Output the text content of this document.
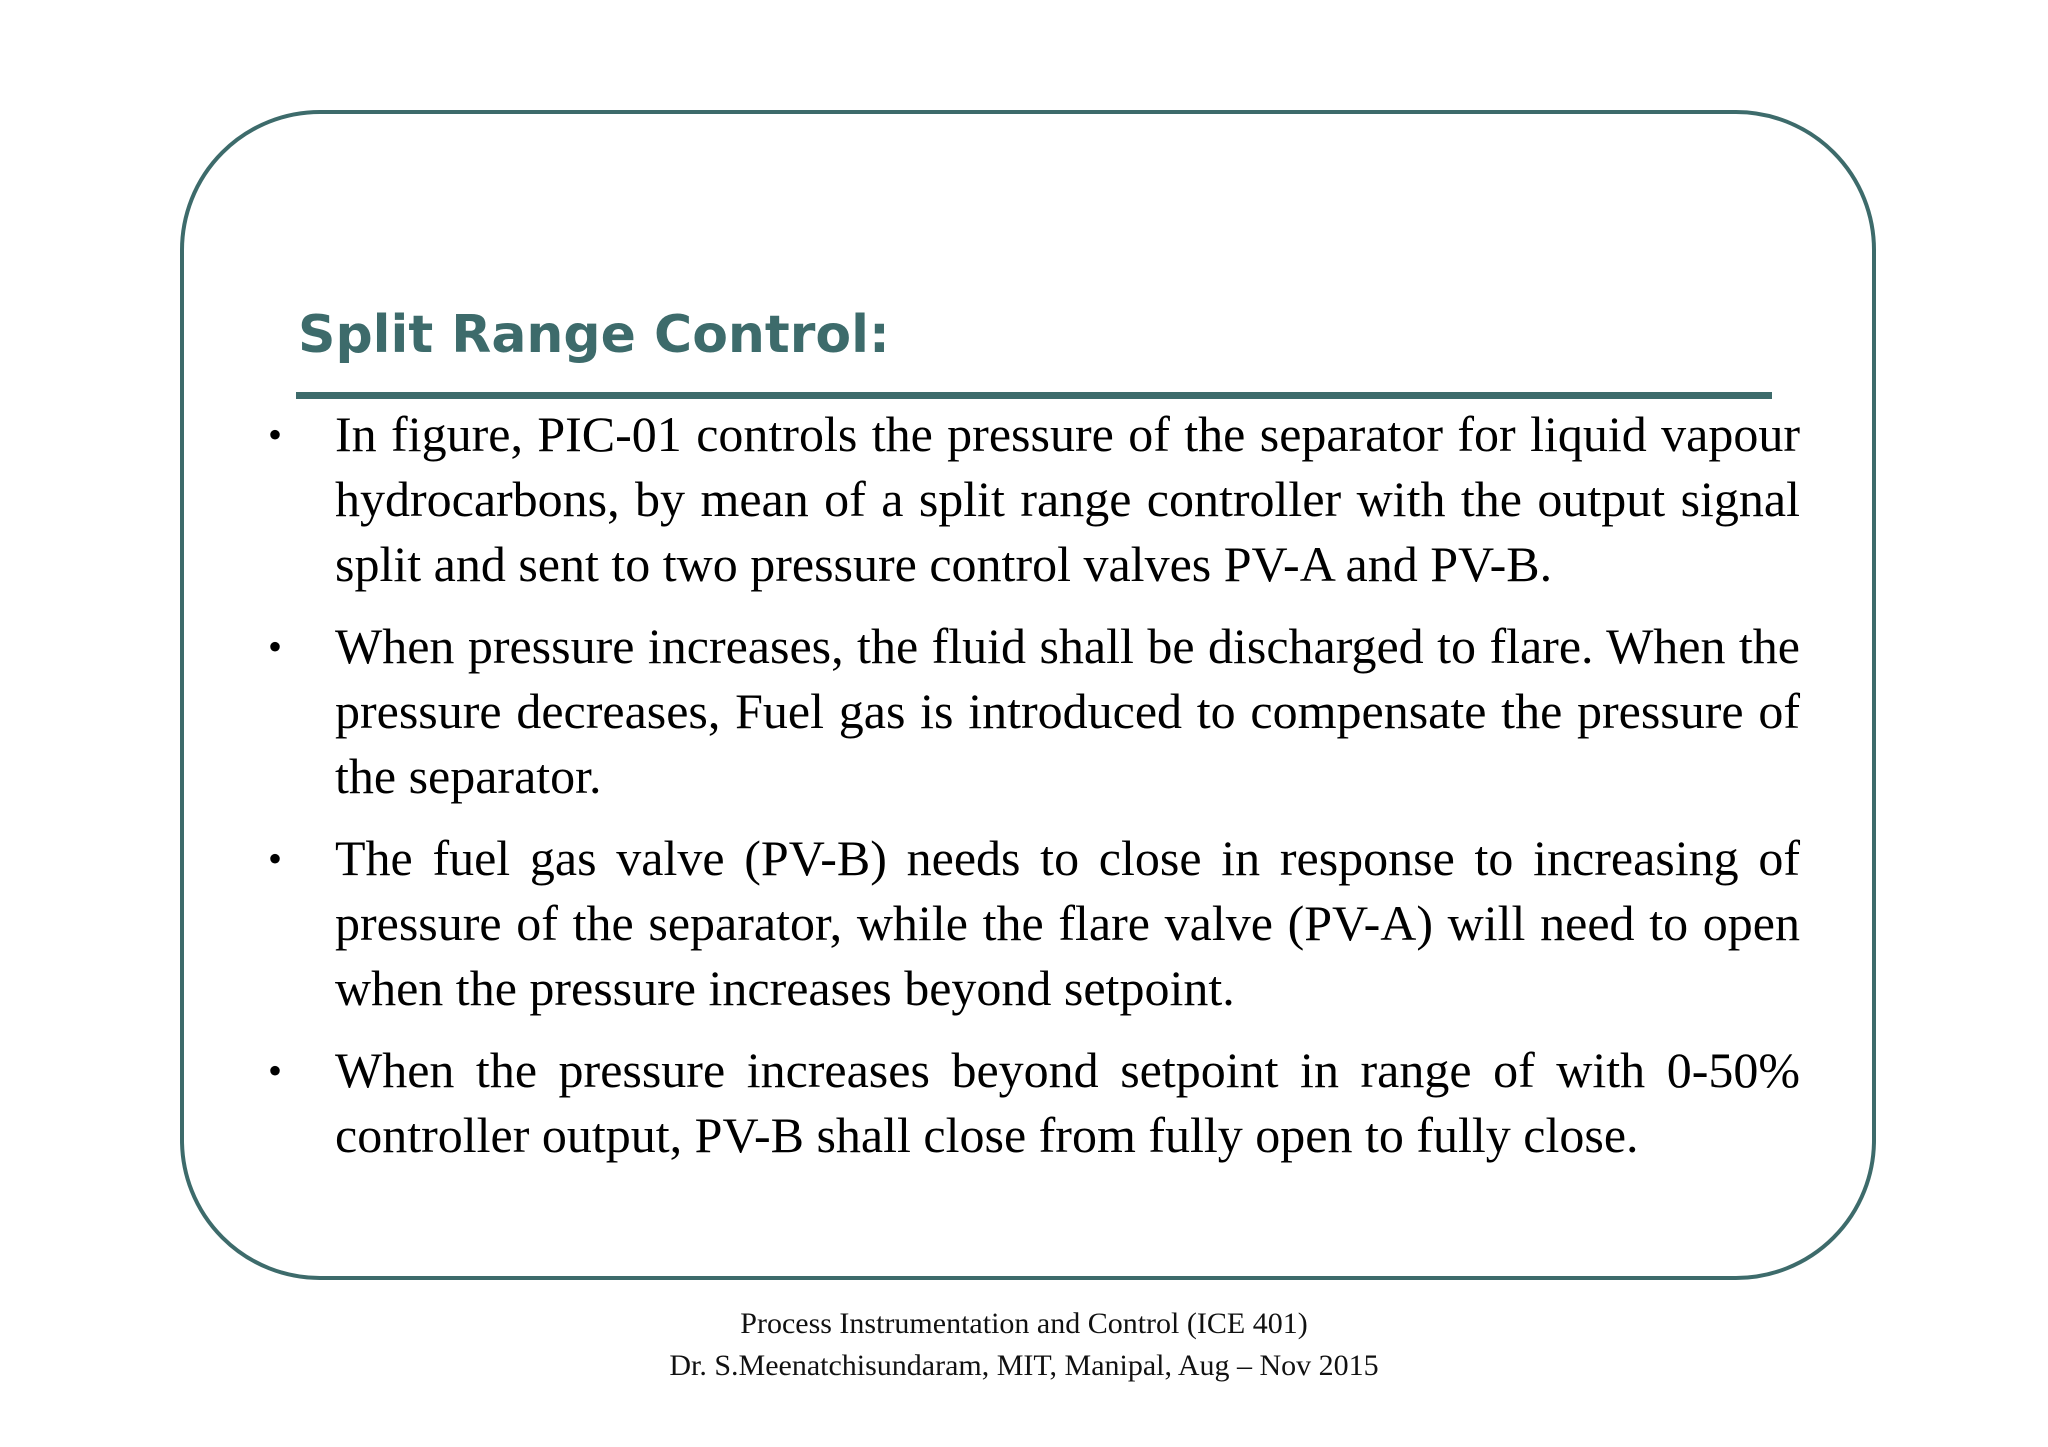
Split Range Control:
• In figure, PIC-01 controls the pressure of the separator for liquid vapour hydrocarbons, by mean of a split range controller with the output signal split and sent to two pressure control valves PV-A and PV-B.
• When pressure increases, the fluid shall be discharged to flare. When the pressure decreases, Fuel gas is introduced to compensate the pressure of the separator.
• The fuel gas valve (PV-B) needs to close in response to increasing of pressure of the separator, while the flare valve (PV-A) will need to open when the pressure increases beyond setpoint.
• When the pressure increases beyond setpoint in range of with 0-50% controller output, PV-B shall close from fully open to fully close.
Process Instrumentation and Control (ICE 401)
Dr. S.Meenatchisundaram, MIT, Manipal, Aug – Nov 2015
